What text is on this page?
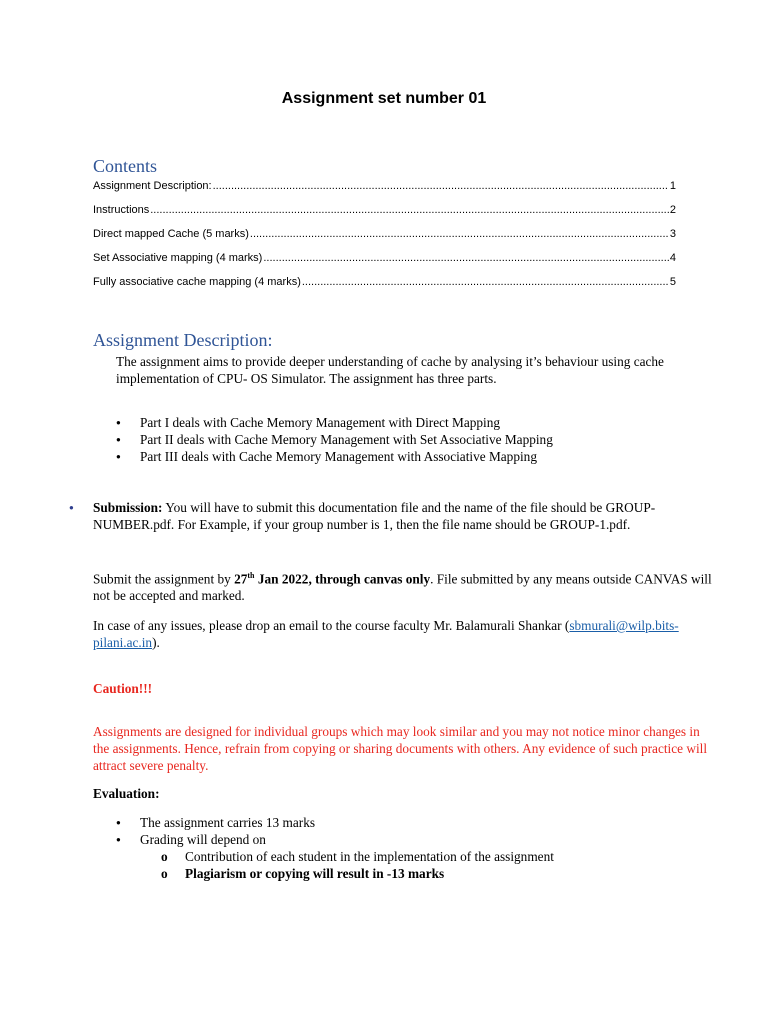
Assignment set number 01
Contents
Assignment Description: .....	1
Instructions .....	2
Direct mapped Cache (5 marks) .....	3
Set Associative mapping (4 marks) .....	4
Fully associative cache mapping (4 marks) .....	5
Assignment Description:
The assignment aims to provide deeper understanding of cache by analysing it’s behaviour using cache implementation of CPU- OS Simulator. The assignment has three parts.
●	Part I deals with Cache Memory Management with Direct Mapping
●	Part II deals with Cache Memory Management with Set Associative Mapping
●	Part III deals with Cache Memory Management with Associative Mapping
●	Submission: You will have to submit this documentation file and the name of the file should be GROUP-NUMBER.pdf. For Example, if your group number is 1, then the file name should be GROUP-1.pdf.

Submit the assignment by 27th Jan 2022, through canvas only. File submitted by any means outside CANVAS will not be accepted and marked.
In case of any issues, please drop an email to the course faculty Mr. Balamurali Shankar (sbmurali@wilp.bits-pilani.ac.in).
Caution!!!
Assignments are designed for individual groups which may look similar and you may not notice minor changes in the assignments. Hence, refrain from copying or sharing documents with others. Any evidence of such practice will attract severe penalty.
Evaluation:
●	The assignment carries 13 marks
●	Grading will depend on
o	Contribution of each student in the implementation of the assignment
o	Plagiarism or copying will result in -13 marks
